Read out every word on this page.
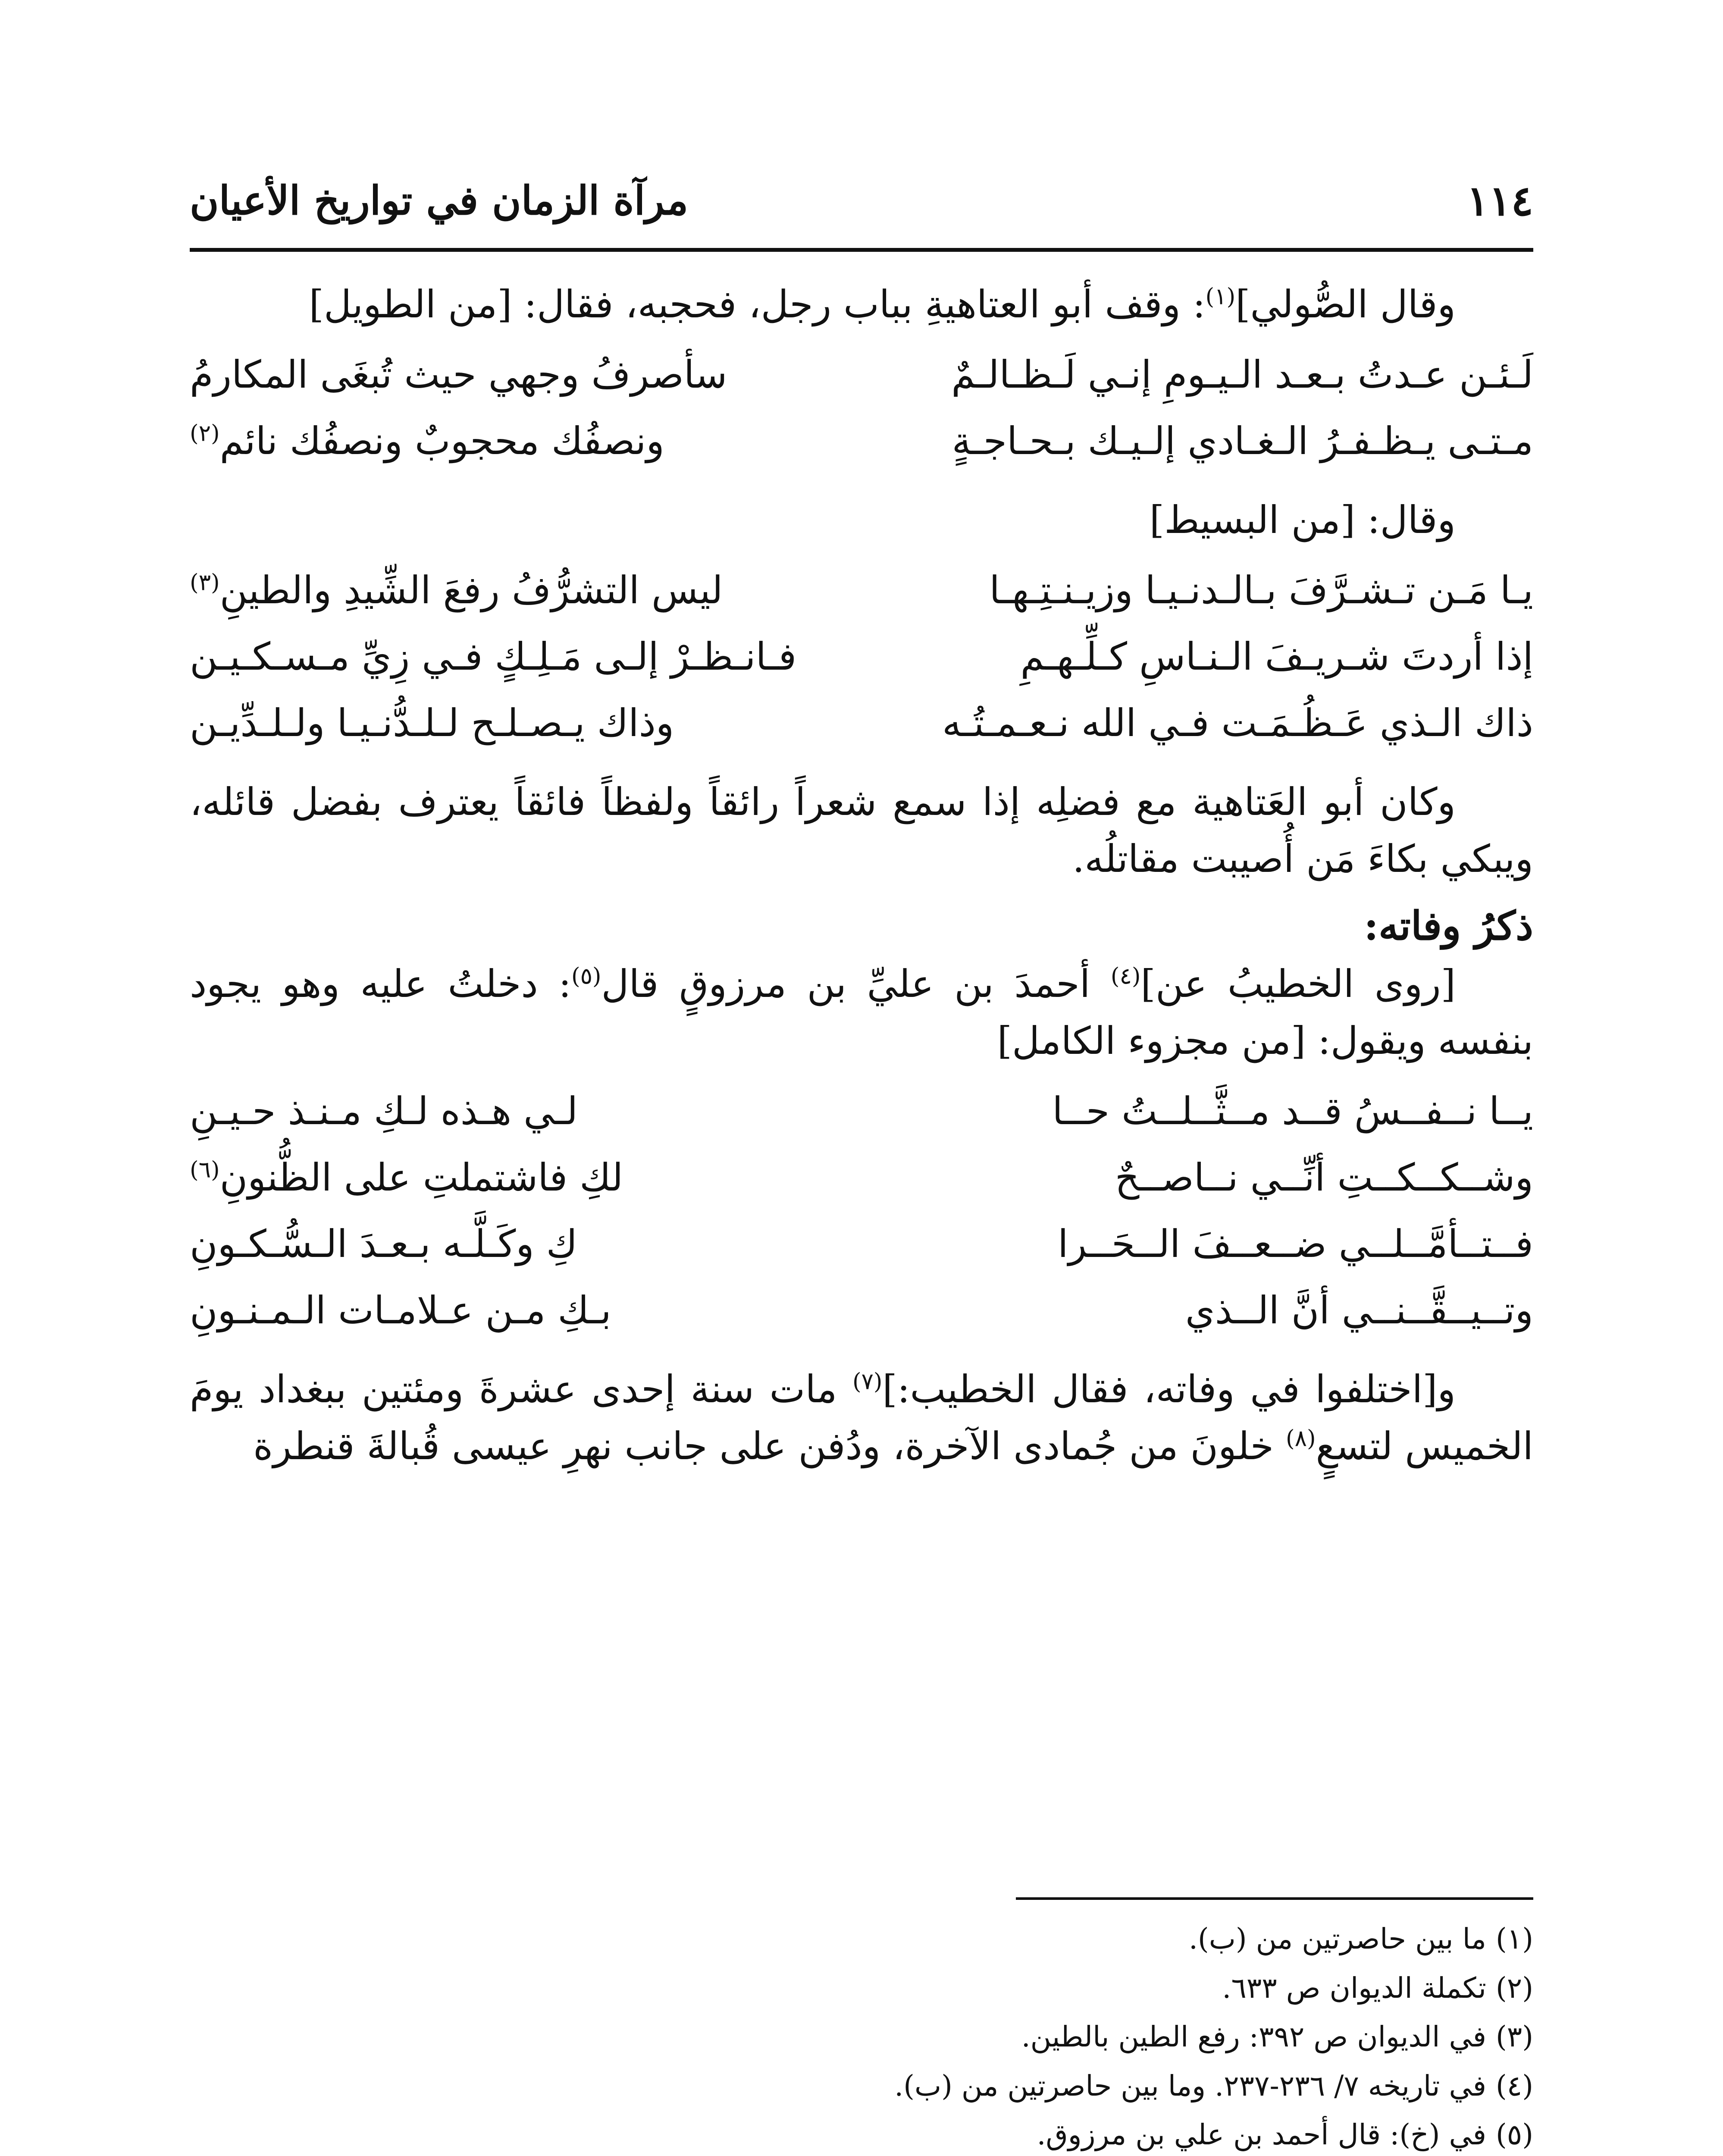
١١٤
مرآة الزمان في تواريخ الأعيان

وقال الصُّولي]$^{(١)}$: وقف أبو العتاهيةِ بباب رجل، فحجبه، فقال: [من الطويل]

لَـئـن عـدتُ بـعـد الـيـومِ إنـي لَـظـالـمٌ
سأصرفُ وجهي حيث تُبغَى المكارمُ
مـتـى يـظـفـرُ الـغـادي إلـيـك بـحـاجـةٍ
ونصفُك محجوبٌ ونصفُك نائم$^{(٢)}$

وقال: [من البسيط]

يـا مَـن تـشـرَّفَ بـالـدنـيـا وزيـنـتِـهـا
ليس التشرُّفُ رفعَ الشِّيدِ والطينِ$^{(٣)}$
إذا أردتَ شـريـفَ الـنـاسِ كـلِّـهـمِ
فـانـظـرْ إلـى مَـلِـكٍ فـي زِيِّ مـسـكـيـن
ذاك الـذي عَـظُـمَـت فـي الله نـعـمـتُـه
وذاك يـصـلـح لـلـدُّنـيـا ولـلـدِّيـن

وكان أبو العَتاهية مع فضلِه إذا سمع شعراً رائقاً ولفظاً فائقاً يعترف بفضل قائله، ويبكي بكاءَ مَن أُصيبت مقاتلُه.

ذكرُ وفاته:

[روى الخطيبُ عن]$^{(٤)}$ أحمدَ بن عليِّ بن مرزوقٍ قال$^{(٥)}$: دخلتُ عليه وهو يجود بنفسه ويقول: [من مجزوء الكامل]

يــا نــفــسُ قــد مــثَّــلــتُ حــا
لـي هـذه لـكِ مـنـذ حـيـنِ
وشــكــكــتِ أنِّــي نــاصــحٌ
لكِ فاشتملتِ على الظُّنونِ$^{(٦)}$
فــتــأمَّــلــي ضــعــفَ الــحَــرا
كِ وكَـلَّـه بـعـدَ الـسُّـكـونِ
وتــيــقَّــنــي أنَّ الــذي
بـكِ مـن عـلامـات الـمـنـونِ

و[اختلفوا في وفاته، فقال الخطيب:]$^{(٧)}$ مات سنة إحدى عشرةَ ومئتين ببغداد يومَ الخميس لتسعٍ$^{(٨)}$ خلونَ من جُمادى الآخرة، ودُفن على جانب نهرِ عيسى قُبالةَ قنطرة

(١)ما بين حاصرتين من (ب).

(٢)تكملة الديوان ص ٦٣٣.

(٣)في الديوان ص ٣٩٢: رفع الطين بالطين.

(٤)في تاريخه ٧/ ٢٣٦-٢٣٧. وما بين حاصرتين من (ب).

(٥)في (خ): قال أحمد بن علي بن مرزوق.
